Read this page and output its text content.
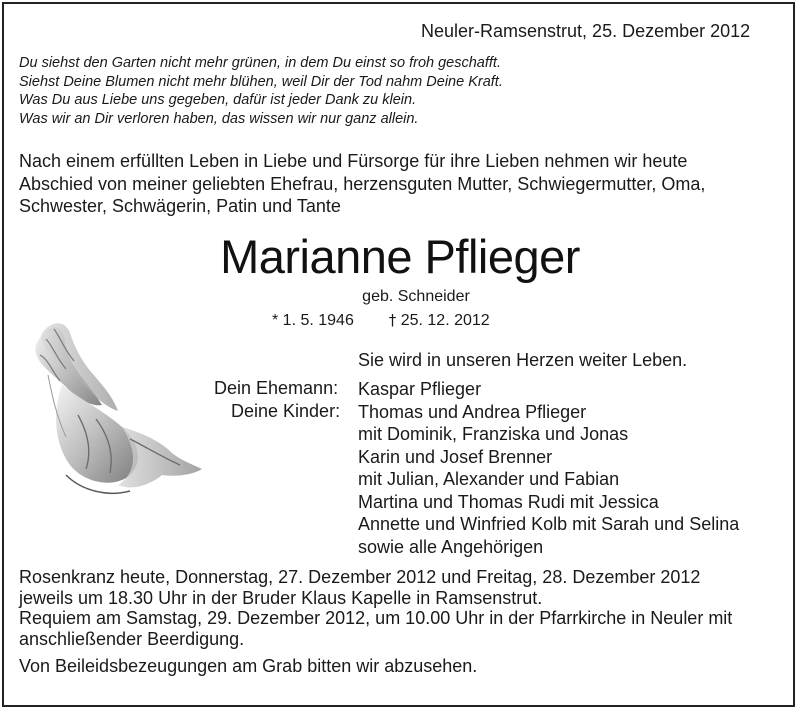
Neuler-Ramsenstrut, 25. Dezember 2012
Du siehst den Garten nicht mehr grünen, in dem Du einst so froh geschafft.
Siehst Deine Blumen nicht mehr blühen, weil Dir der Tod nahm Deine Kraft.
Was Du aus Liebe uns gegeben, dafür ist jeder Dank zu klein.
Was wir an Dir verloren haben, das wissen wir nur ganz allein.
Nach einem erfüllten Leben in Liebe und Fürsorge für ihre Lieben nehmen wir heute
Abschied von meiner geliebten Ehefrau, herzensguten Mutter, Schwiegermutter, Oma,
Schwester, Schwägerin, Patin und Tante
Marianne Pflieger
geb. Schneider
* 1. 5. 1946 † 25. 12. 2012
Sie wird in unseren Herzen weiter Leben.
Dein Ehemann:
Deine Kinder:
Kaspar Pflieger
Thomas und Andrea Pflieger
mit Dominik, Franziska und Jonas
Karin und Josef Brenner
mit Julian, Alexander und Fabian
Martina und Thomas Rudi mit Jessica
Annette und Winfried Kolb mit Sarah und Selina
sowie alle Angehörigen
Rosenkranz heute, Donnerstag, 27. Dezember 2012 und Freitag, 28. Dezember 2012
jeweils um 18.30 Uhr in der Bruder Klaus Kapelle in Ramsenstrut.
Requiem am Samstag, 29. Dezember 2012, um 10.00 Uhr in der Pfarrkirche in Neuler mit
anschließender Beerdigung.
Von Beileidsbezeugungen am Grab bitten wir abzusehen.
